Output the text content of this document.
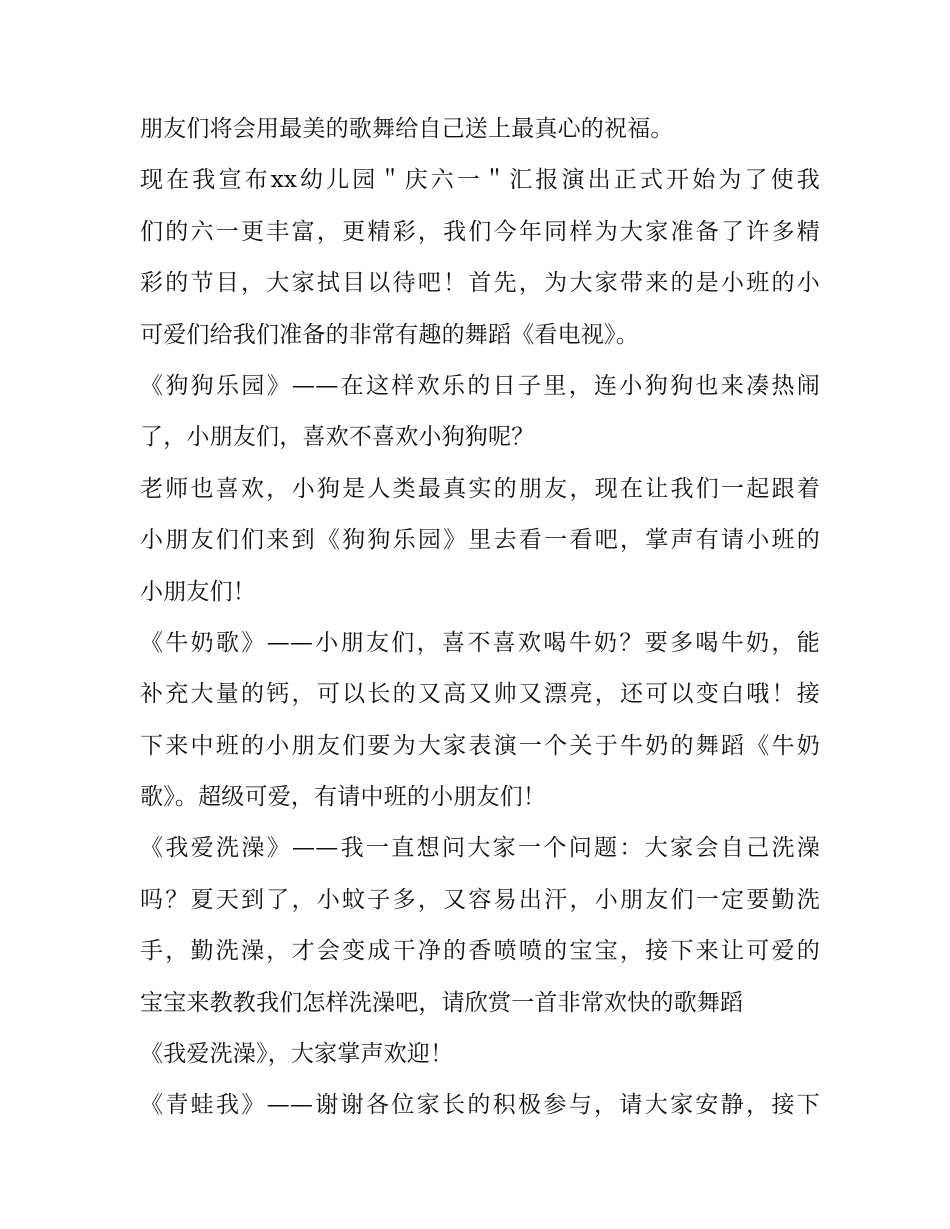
朋友们将会用最美的歌舞给自己送上最真心的祝福。
现在我宣布xx幼儿园＂庆六一＂汇报演出正式开始为了使我
们的六一更丰富，更精彩，我们今年同样为大家准备了许多精
彩的节目，大家拭目以待吧！首先，为大家带来的是小班的小
可爱们给我们准备的非常有趣的舞蹈《看电视》。
《狗狗乐园》——在这样欢乐的日子里，连小狗狗也来凑热闹
了，小朋友们，喜欢不喜欢小狗狗呢？
老师也喜欢，小狗是人类最真实的朋友，现在让我们一起跟着
小朋友们们来到《狗狗乐园》里去看一看吧，掌声有请小班的
小朋友们！
《牛奶歌》——小朋友们，喜不喜欢喝牛奶？要多喝牛奶，能
补充大量的钙，可以长的又高又帅又漂亮，还可以变白哦！接
下来中班的小朋友们要为大家表演一个关于牛奶的舞蹈《牛奶
歌》。超级可爱，有请中班的小朋友们！
《我爱洗澡》——我一直想问大家一个问题：大家会自己洗澡
吗？夏天到了，小蚊子多，又容易出汗，小朋友们一定要勤洗
手，勤洗澡，才会变成干净的香喷喷的宝宝，接下来让可爱的
宝宝来教教我们怎样洗澡吧，请欣赏一首非常欢快的歌舞蹈
《我爱洗澡》，大家掌声欢迎！
《青蛙我》——谢谢各位家长的积极参与，请大家安静，接下
